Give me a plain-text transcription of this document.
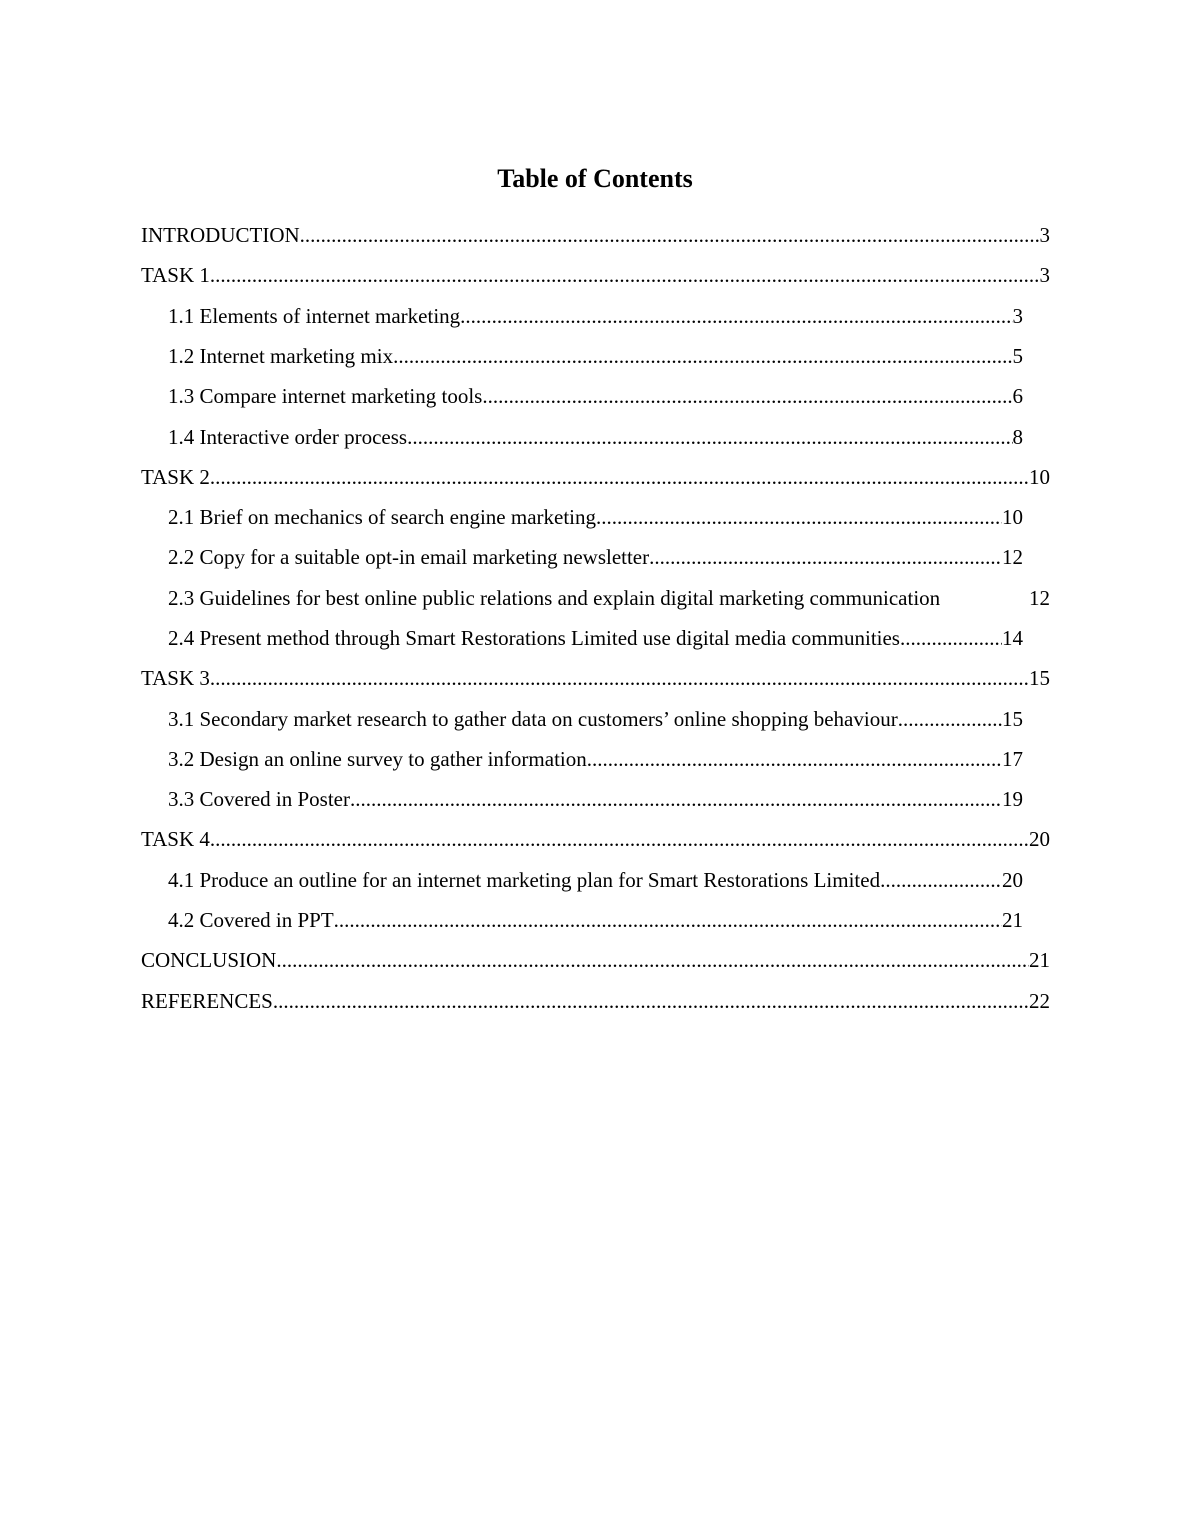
Table of Contents
INTRODUCTION .....	3
TASK 1 .....	3
1.1 Elements of internet marketing .....	3
1.2 Internet marketing mix .....	5
1.3 Compare internet marketing tools .....	6
1.4 Interactive order process .....	8
TASK 2 .....	10
2.1 Brief on mechanics of search engine marketing .....	10
2.2 Copy for a suitable opt-in email marketing newsletter .....	12
2.3 Guidelines for best online public relations and explain digital marketing communication	12
2.4 Present method through Smart Restorations Limited use digital media communities .....	14
TASK 3 .....	15
3.1 Secondary market research to gather data on customers’ online shopping behaviour .....	15
3.2 Design an online survey to gather information .....	17
3.3 Covered in Poster .....	19
TASK 4 .....	20
4.1 Produce an outline for an internet marketing plan for Smart Restorations Limited. .....	20
4.2 Covered in PPT .....	21
CONCLUSION .....	21
REFERENCES .....	22
